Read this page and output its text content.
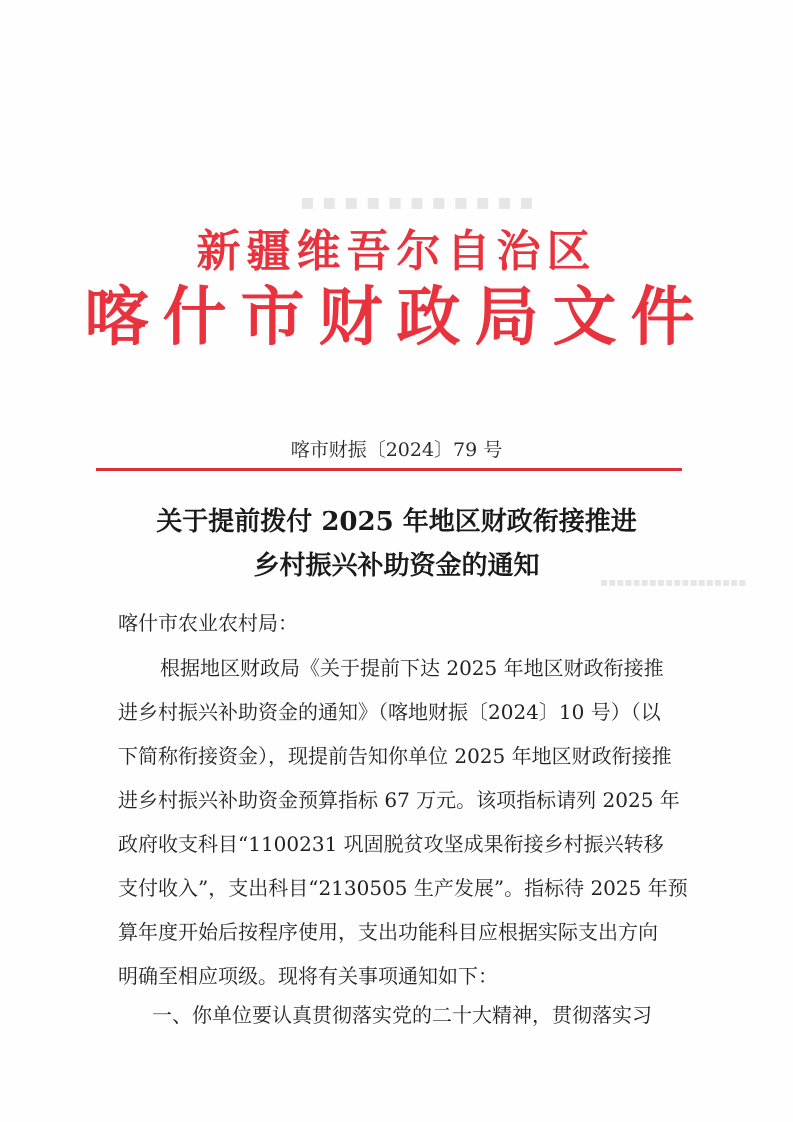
▪ ▪ ▪ ▪ ▪ ▪ ▪ ▪ ▪ ▪ ▪
▪▪▪▪▪▪▪▪▪▪▪▪▪▪▪▪▪▪
新疆维吾尔自治区
喀什市财政局文件
喀市财振〔2024〕79 号
关于提前拨付 2025 年地区财政衔接推进
乡村振兴补助资金的通知
喀什市农业农村局：
根据地区财政局《关于提前下达 2025 年地区财政衔接推
进乡村振兴补助资金的通知》（喀地财振〔2024〕10 号）（以
下简称衔接资金），现提前告知你单位 2025 年地区财政衔接推
进乡村振兴补助资金预算指标 67 万元。该项指标请列 2025 年
政府收支科目“1100231 巩固脱贫攻坚成果衔接乡村振兴转移
支付收入”，支出科目“2130505 生产发展”。指标待 2025 年预
算年度开始后按程序使用，支出功能科目应根据实际支出方向
明确至相应项级。现将有关事项通知如下：
一、你单位要认真贯彻落实党的二十大精神，贯彻落实习
